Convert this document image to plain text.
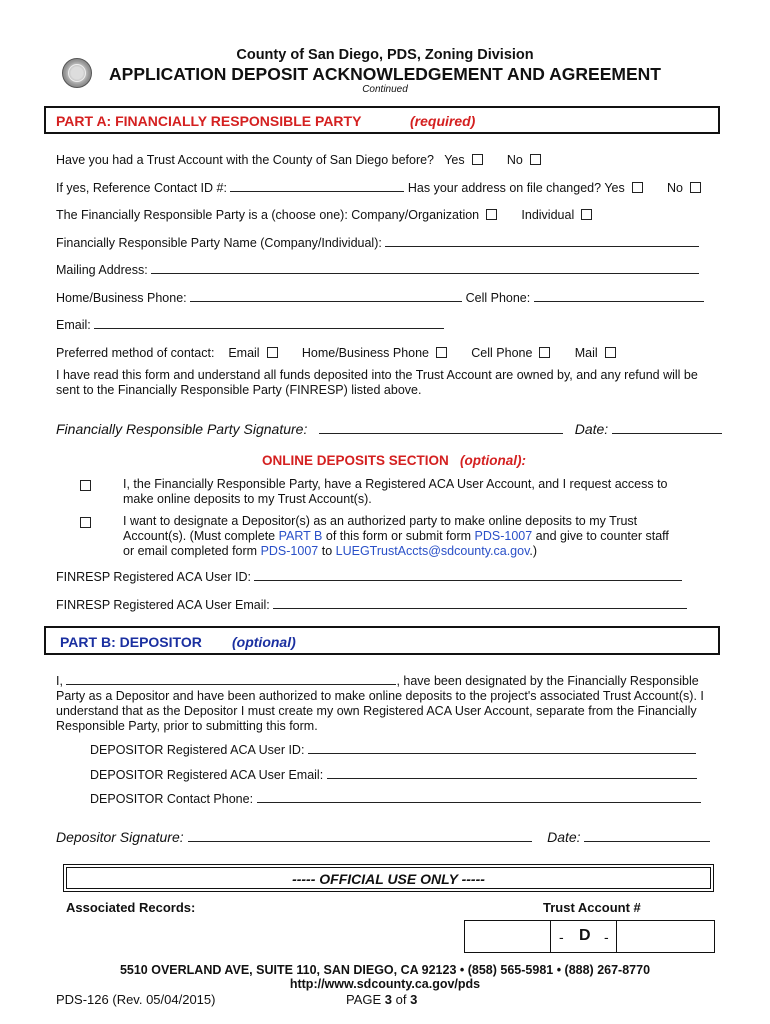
County of San Diego, PDS, Zoning Division
APPLICATION DEPOSIT ACKNOWLEDGEMENT AND AGREEMENT
Continued
PART A: FINANCIALLY RESPONSIBLE PARTY	(required)
Have you had a Trust Account with the County of San Diego before? Yes	No
If yes, Reference Contact ID #:	Has your address on file changed? Yes	No
The Financially Responsible Party is a (choose one): Company/Organization	Individual
Financially Responsible Party Name (Company/Individual):
Mailing Address:
Home/Business Phone:	Cell Phone:
Email:
Preferred method of contact: Email	Home/Business Phone	Cell Phone	Mail
I have read this form and understand all funds deposited into the Trust Account are owned by, and any refund will be
sent to the Financially Responsible Party (FINRESP) listed above.
Financially Responsible Party Signature:	Date:
ONLINE DEPOSITS SECTION (optional):
I, the Financially Responsible Party, have a Registered ACA User Account, and I request access to
make online deposits to my Trust Account(s).
I want to designate a Depositor(s) as an authorized party to make online deposits to my Trust
Account(s). (Must complete PART B of this form or submit form PDS-1007 and give to counter staff
or email completed form PDS-1007 to LUEGTrustAccts@sdcounty.ca.gov.)
FINRESP Registered ACA User ID:
FINRESP Registered ACA User Email:
PART B: DEPOSITOR (optional)
I,	, have been designated by the Financially Responsible
Party as a Depositor and have been authorized to make online deposits to the project's associated Trust Account(s). I
understand that as the Depositor I must create my own Registered ACA User Account, separate from the Financially
Responsible Party, prior to submitting this form.
DEPOSITOR Registered ACA User ID:
DEPOSITOR Registered ACA User Email:
DEPOSITOR Contact Phone:
Depositor Signature:	Date:
----- OFFICIAL USE ONLY -----
Associated Records:	Trust Account #
- D -
5510 OVERLAND AVE, SUITE 110, SAN DIEGO, CA 92123 • (858) 565-5981 • (888) 267-8770
http://www.sdcounty.ca.gov/pds
PDS-126 (Rev. 05/04/2015)	PAGE 3 of 3
